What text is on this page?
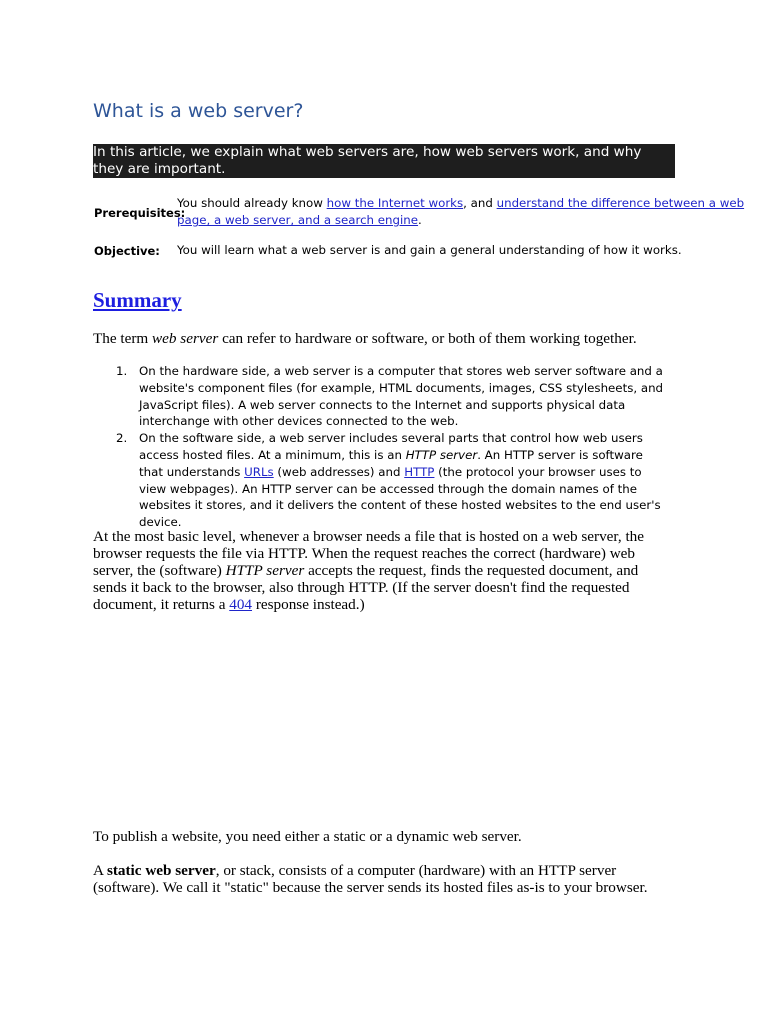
What is a web server?

In this article, we explain what web servers are, how web servers work, and why they are important.

Prerequisites:
You should already know how the Internet works, and understand the difference between a web page, a web server, and a search engine.
Objective: You will learn what a web server is and gain a general understanding of how it works.
Summary

The term web server can refer to hardware or software, or both of them working together.

1. On the hardware side, a web server is a computer that stores web server software and a website's component files (for example, HTML documents, images, CSS stylesheets, and JavaScript files). A web server connects to the Internet and supports physical data interchange with other devices connected to the web.
2. On the software side, a web server includes several parts that control how web users access hosted files. At a minimum, this is an HTTP server. An HTTP server is software that understands URLs (web addresses) and HTTP (the protocol your browser uses to view webpages). An HTTP server can be accessed through the domain names of the websites it stores, and it delivers the content of these hosted websites to the end user's device.

At the most basic level, whenever a browser needs a file that is hosted on a web server, the browser requests the file via HTTP. When the request reaches the correct (hardware) web server, the (software) HTTP server accepts the request, finds the requested document, and sends it back to the browser, also through HTTP. (If the server doesn't find the requested document, it returns a 404 response instead.)

To publish a website, you need either a static or a dynamic web server.

A static web server, or stack, consists of a computer (hardware) with an HTTP server (software). We call it "static" because the server sends its hosted files as-is to your browser.
